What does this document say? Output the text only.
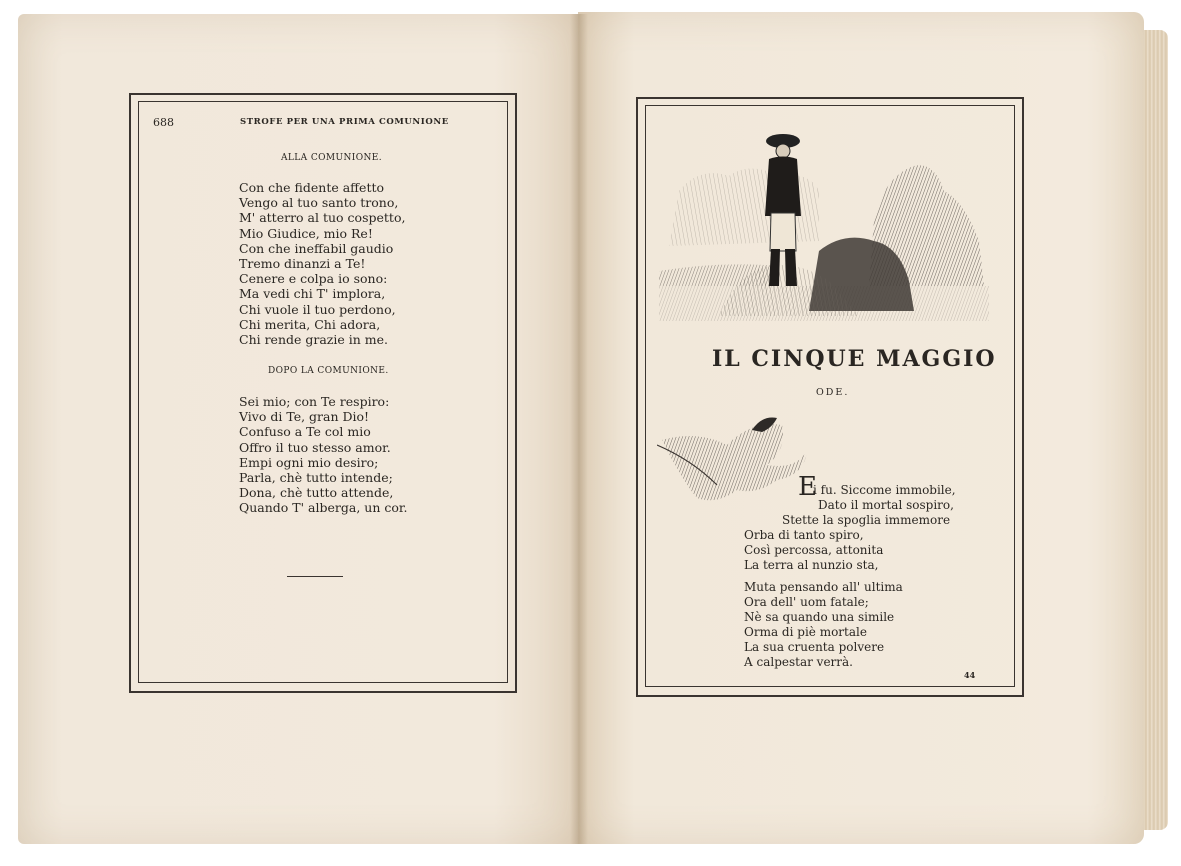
688	STROFE PER UNA PRIMA COMUNIONE
ALLA COMUNIONE.
Con che fidente affetto
Vengo al tuo santo trono,
M' atterro al tuo cospetto,
Mio Giudice, mio Re!
Con che ineffabil gaudio
Tremo dinanzi a Te!
Cenere e colpa io sono:
Ma vedi chi T' implora,
Chi vuole il tuo perdono,
Chi merita, Chi adora,
Chi rende grazie in me.
DOPO LA COMUNIONE.
Sei mio; con Te respiro:
Vivo di Te, gran Dio!
Confuso a Te col mio
Offro il tuo stesso amor.
Empi ogni mio desiro;
Parla, chè tutto intende;
Dona, chè tutto attende,
Quando T' alberga, un cor.
IL CINQUE MAGGIO
ODE.
E
i fu. Siccome immobile,
Dato il mortal sospiro,
Stette la spoglia immemore
Orba di tanto spiro,
Così percossa, attonita
La terra al nunzio sta,
Muta pensando all' ultima
Ora dell' uom fatale;
Nè sa quando una simile
Orma di piè mortale
La sua cruenta polvere
A calpestar verrà.
44
